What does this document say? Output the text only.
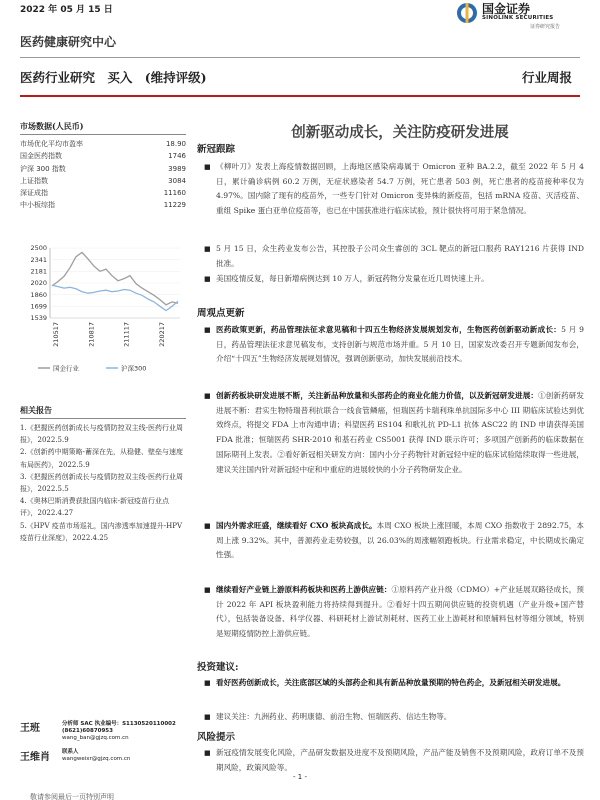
2022 年 05 月 15 日	国金证券
SINOLINK SECURITIES
证券研究报告
医药健康研究中心
医药行业研究 买入 (维持评级)	行业周报
市场数据(人民币)
市场优化平均市盈率	18.90
国金医药指数	1746
沪深 300 指数	3989
上证指数	3084
深证成指	11160
中小板综指	11229
2500
2341
2181
2020
1860
1699
1539
210517	210817	211117	220217
国金行业	沪深300
相关报告
1.《把握医药创新成长与疫情防控双主线-医药行业周报》，2022.5.9
2.《创新药中期策略-蓄深在先，从稳健、壁垒与速度布局医药》，2022.5.9
3.《把握医药创新成长与疫情防控双主线-医药行业周报》，2022.5.5
4.《奥林巴斯消费获批国内临床-新冠疫苗行业点评》，2022.4.27
5.《HPV 疫苗市场巡礼，国内渗透率加速提升-HPV 疫苗行业深度》，2022.4.25
创新驱动成长，关注防疫研发进展
新冠跟踪
■ 《柳叶刀》发表上海疫情数据回顾，上海地区感染病毒属于 Omicron 亚种 BA.2.2，截至 2022 年 5 月 4 日，累计确诊病例 60.2 万例，无症状感染者 54.7 万例，死亡患者 503 例，死亡患者的疫苗接种率仅为 4.97%。国内除了现有的疫苗外，一些专门针对 Omicron 变异株的新疫苗，包括 mRNA 疫苗、灭活疫苗、重组 Spike 蛋白亚单位疫苗等，也已在中国获准进行临床试验，预计很快将可用于紧急情况。
■ 5 月 15 日，众生药业发布公告，其控股子公司众生睿创的 3CL 靶点的新冠口服药 RAY1216 片获得 IND 批准。
■ 美国疫情反复，每日新增病例达到 10 万人，新冠药物分发量在近几周快速上升。
周观点更新
■ 医药政策更新，药品管理法征求意见稿和十四五生物经济发展规划发布，生物医药创新驱动新成长：5 月 9 日，药品管理法征求意见稿发布，支持创新与规范市场并重。5 月 10 日，国家发改委召开专题新闻发布会，介绍“十四五”生物经济发展规划情况，强调创新驱动，加快发展前沿技术。
■ 创新药板块研发进展不断，关注新品种放量和头部药企的商业化能力价值，以及新冠研发进展：①创新药研发进展不断：君实生物特瑞普利抗联合一线食管鳞癌，恒瑞医药卡瑞利珠单抗国际多中心 III 期临床试验达到优效终点，将提交 FDA 上市沟通申请；科望医药 ES104 和歌礼抗 PD-L1 抗体 ASC22 的 IND 申请获得美国 FDA 批准；恒瑞医药 SHR-2010 和基石药业 CS5001 获得 IND 联示许可；多项国产创新药的临床数据在国际期刊上发表。②看好新冠相关研发方向：国内小分子药物针对新冠轻中症的临床试验陆续取得一些进展，建议关注国内针对新冠轻中症和中重症的进展较快的小分子药物研发企业。
■ 国内外需求旺盛，继续看好 CXO 板块高成长。本周 CXO 板块上涨回暖，本周 CXO 指数收于 2892.75，本周上涨 9.32%。其中，普源药业走势较强，以 26.03%的周涨幅领跑板块。行业需求稳定，中长期成长确定性强。
■ 继续看好产业链上游原料药板块和医药上游供应链：①原料药产业升级（CDMO）+产业延展双路径成长，预计 2022 年 API 板块盈利能力将持续得到提升。②看好十四五期间供应链的投资机遇（产业升级+国产替代），包括装备设备、科学仪器、科研耗材上游试剂耗材、医药工业上游耗材和原辅料包材等细分领域，特别是短期疫情防控上游供应链。
投资建议:
■ 看好医药创新成长，关注底部区域的头部药企和具有新品种放量预期的特色药企，及新冠相关研发进展。
■ 建议关注：九洲药业、药明康德、前沿生物、恒瑞医药、信达生物等。
风险提示
■ 新冠疫情发展变化风险，产品研发数据及进度不及预期风险，产品产能及销售不及预期风险，政府订单不及预期风险，政策风险等。
王班	分析师 SAC 执业编号：S1130520110002
(8621)60870953
wang_ban@gjzq.com.cn
王维肖 联系人
wangweixr@gjzq.com.cn
- 1 -
敬请参阅最后一页特别声明
